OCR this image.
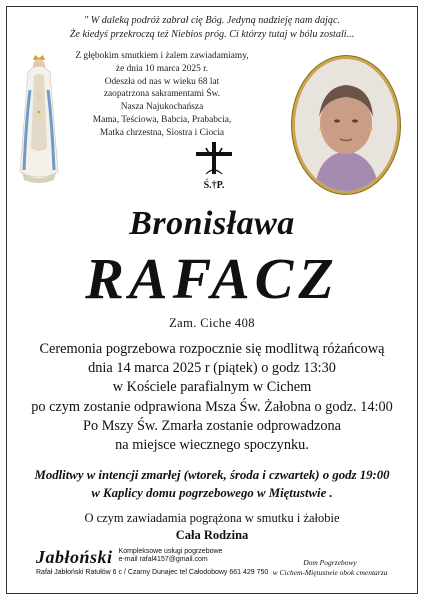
" W dalekq podróż zabrał cię Bóg. Jedyną nadzieję nam dając.
Że kiedyś przekroczą też Niebios próg. Ci którzy tutaj w bólu zostali...
Z głębokim smutkiem i żalem zawiadamiamy,
że dnia 10 marca 2025 r.
Odeszła od nas w wieku 68 lat
zaopatrzona sakramentami Św.
Nasza Najukochańsza
Mama, Teściowa, Babcia, Prababcia,
Matka chrzestna, Siostra i Ciocia
Ś.†P.
Bronisława
RAFACZ
Zam. Ciche 408
Ceremonia pogrzebowa rozpocznie się modlitwą różańcową
dnia 14 marca 2025 r (piątek) o godz 13:30
w Kościele parafialnym w Cichem
po czym zostanie odprawiona Msza Św. Żałobna o godz. 14:00
Po Mszy Św. Zmarła zostanie odprowadzona
na miejsce wiecznego spoczynku.
Modlitwy w intencji zmarłej (wtorek, środa i czwartek) o godz 19:00
w Kaplicy domu pogrzebowego w Miętustwie .
O czym zawiadamia pogrążona w smutku i żałobie
Cała Rodzina
Jabłoński Kompleksowe usługi pogrzebowe
e-mail rafal4157@gmail.com
Rafał Jabłoński Ratułów 6 c / Czarny Dunajec tel Całodobowy 661 429 750
Dom Pogrzebowy
w Cichem-Miętustwie obok cmentarza
